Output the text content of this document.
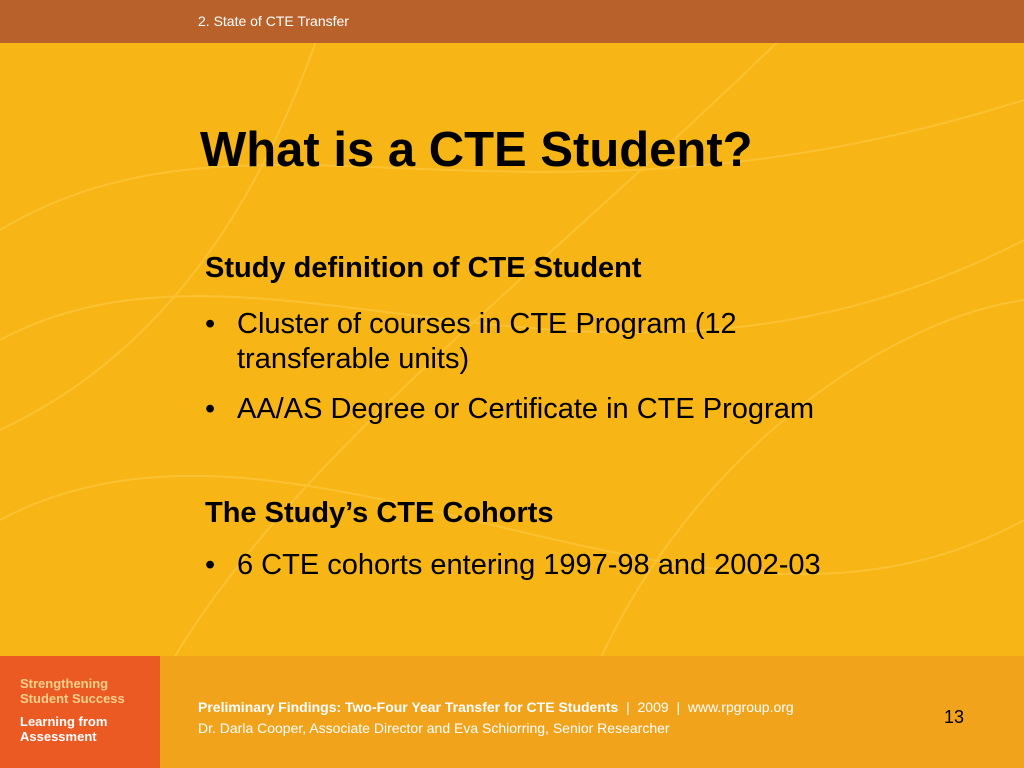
2. State of CTE Transfer
What is a CTE Student?
Study definition of CTE Student
• Cluster of courses in CTE Program (12
transferable units)
• AA/AS Degree or Certificate in CTE Program
The Study’s CTE Cohorts
• 6 CTE cohorts entering 1997-98 and 2002-03
Strengthening
Student Success
Learning from
Assessment
Preliminary Findings: Two-Four Year Transfer for CTE Students  |  2009  |  www.rpgroup.org
Dr. Darla Cooper, Associate Director and Eva Schiorring, Senior Researcher
13
